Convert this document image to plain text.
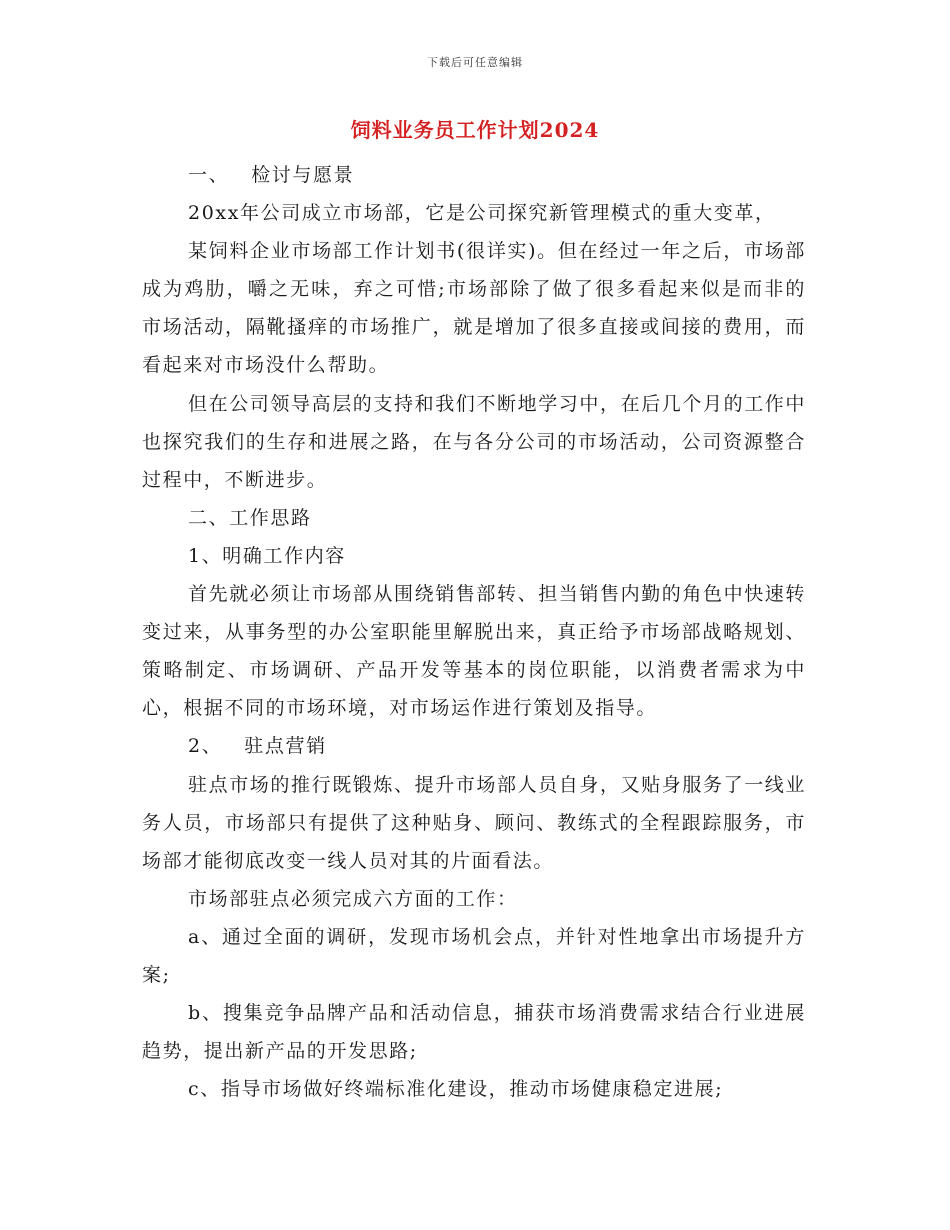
下载后可任意编辑
饲料业务员工作计划2024

一、 检讨与愿景

20xx年公司成立市场部，它是公司探究新管理模式的重大变革，

某饲料企业市场部工作计划书(很详实)。但在经过一年之后，市场部成为鸡肋，嚼之无味，弃之可惜;市场部除了做了很多看起来似是而非的市场活动，隔靴搔痒的市场推广，就是增加了很多直接或间接的费用，而看起来对市场没什么帮助。

但在公司领导高层的支持和我们不断地学习中，在后几个月的工作中也探究我们的生存和进展之路，在与各分公司的市场活动，公司资源整合过程中，不断进步。

二、工作思路

1、明确工作内容

首先就必须让市场部从围绕销售部转、担当销售内勤的角色中快速转变过来，从事务型的办公室职能里解脱出来，真正给予市场部战略规划、策略制定、市场调研、产品开发等基本的岗位职能，以消费者需求为中心，根据不同的市场环境，对市场运作进行策划及指导。

2、 驻点营销

驻点市场的推行既锻炼、提升市场部人员自身，又贴身服务了一线业务人员，市场部只有提供了这种贴身、顾问、教练式的全程跟踪服务，市场部才能彻底改变一线人员对其的片面看法。

市场部驻点必须完成六方面的工作：

a、通过全面的调研，发现市场机会点，并针对性地拿出市场提升方案;

b、搜集竞争品牌产品和活动信息，捕获市场消费需求结合行业进展趋势，提出新产品的开发思路;

c、指导市场做好终端标准化建设，推动市场健康稳定进展;
